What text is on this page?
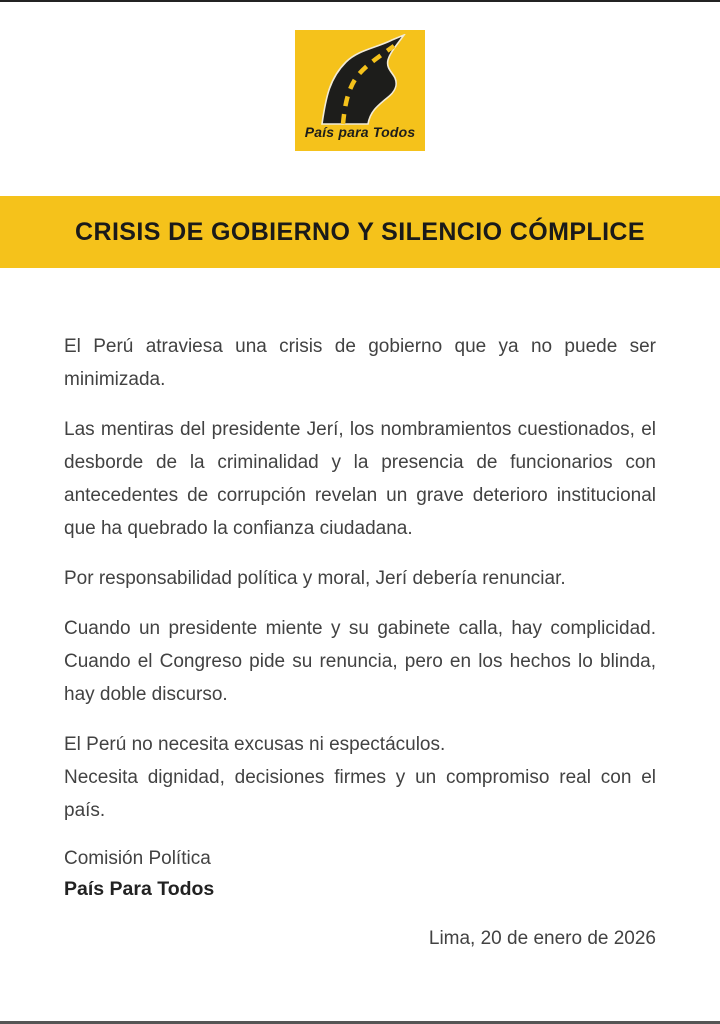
País para Todos
CRISIS DE GOBIERNO Y SILENCIO CÓMPLICE

El Perú atraviesa una crisis de gobierno que ya no puede ser minimizada.

Las mentiras del presidente Jerí, los nombramientos cuestionados, el desborde de la criminalidad y la presencia de funcionarios con antecedentes de corrupción revelan un grave deterioro institucional que ha quebrado la confianza ciudadana.

Por responsabilidad política y moral, Jerí debería renunciar.

Cuando un presidente miente y su gabinete calla, hay complicidad. Cuando el Congreso pide su renuncia, pero en los hechos lo blinda, hay doble discurso.

El Perú no necesita excusas ni espectáculos.
Necesita dignidad, decisiones firmes y un compromiso real con el país.

Comisión Política
País Para Todos

Lima, 20 de enero de 2026
